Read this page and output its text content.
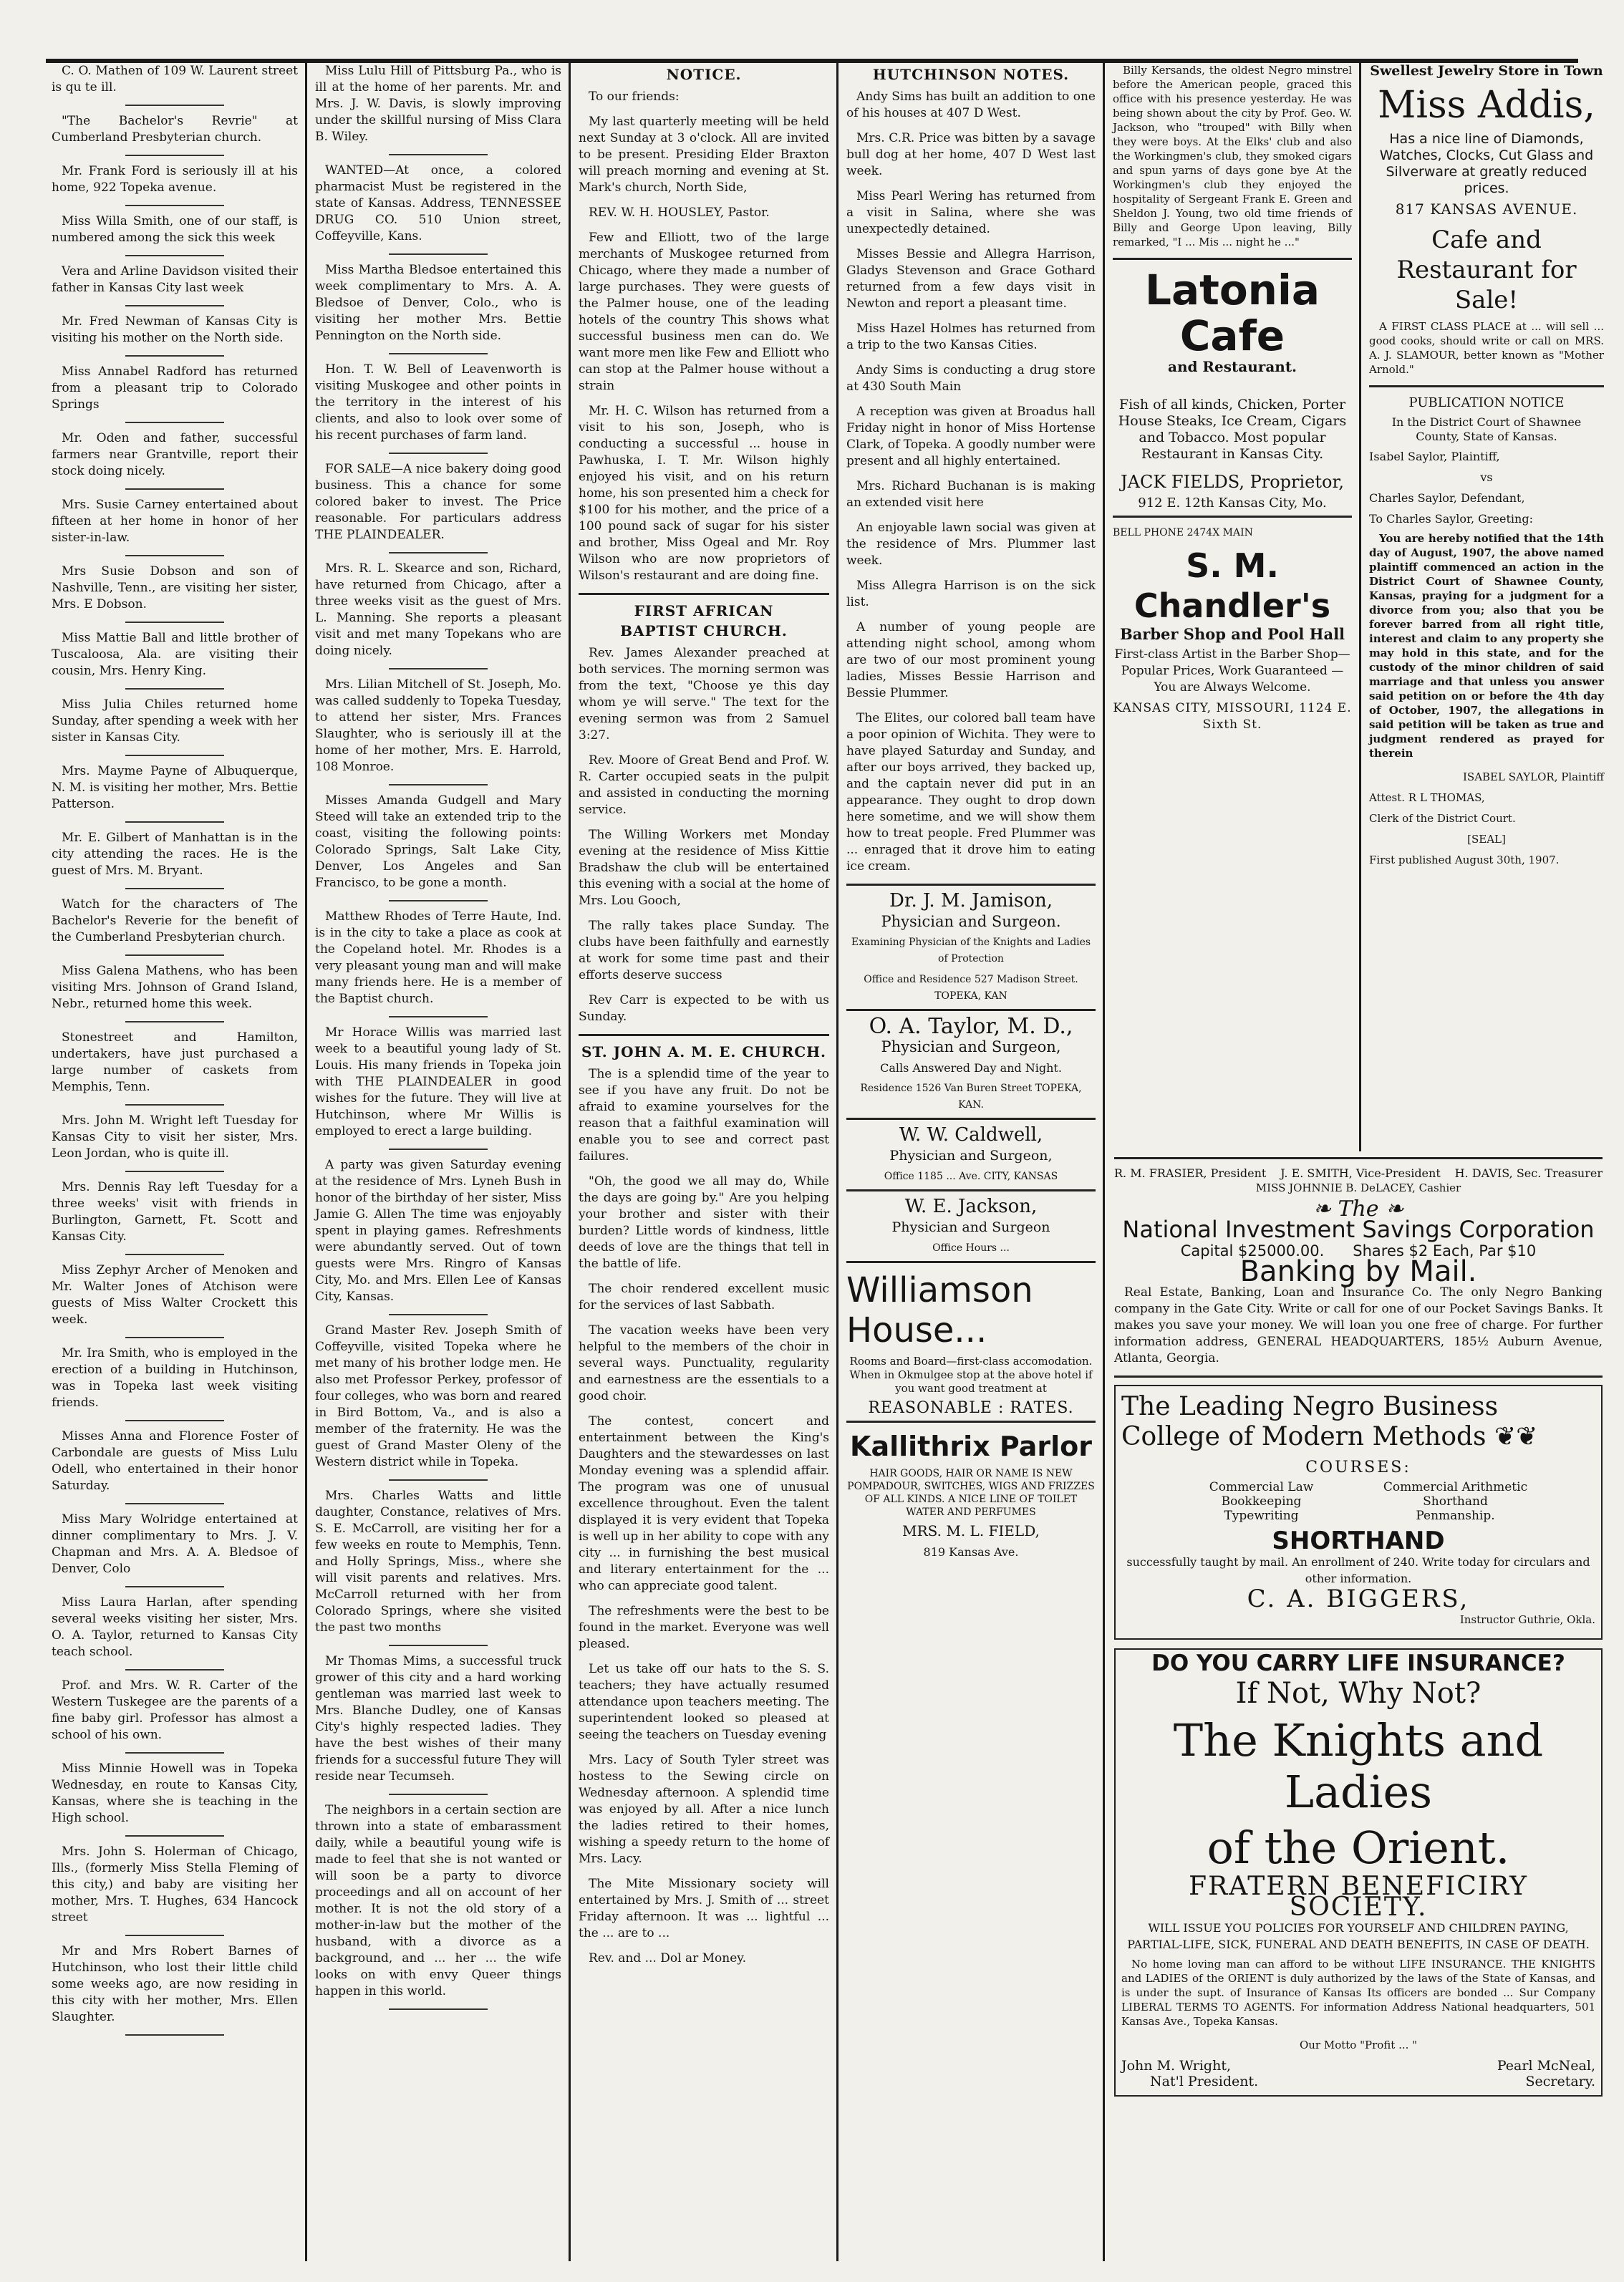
C. O. Mathen of 109 W. Laurent street is qu te ill.

"The Bachelor's Revrie" at Cumberland Presbyterian church.

Mr. Frank Ford is seriously ill at his home, 922 Topeka avenue.

Miss Willa Smith, one of our staff, is numbered among the sick this week

Vera and Arline Davidson visited their father in Kansas City last week

Mr. Fred Newman of Kansas City is visiting his mother on the North side.

Miss Annabel Radford has returned from a pleasant trip to Colorado Springs

Mr. Oden and father, successful farmers near Grantville, report their stock doing nicely.

Mrs. Susie Carney entertained about fifteen at her home in honor of her sister-in-law.

Mrs Susie Dobson and son of Nashville, Tenn., are visiting her sister, Mrs. E Dobson.

Miss Mattie Ball and little brother of Tuscaloosa, Ala. are visiting their cousin, Mrs. Henry King.

Miss Julia Chiles returned home Sunday, after spending a week with her sister in Kansas City.

Mrs. Mayme Payne of Albuquerque, N. M. is visiting her mother, Mrs. Bettie Patterson.

Mr. E. Gilbert of Manhattan is in the city attending the races. He is the guest of Mrs. M. Bryant.

Watch for the characters of The Bachelor's Reverie for the benefit of the Cumberland Presbyterian church.

Miss Galena Mathens, who has been visiting Mrs. Johnson of Grand Island, Nebr., returned home this week.

Stonestreet and Hamilton, undertakers, have just purchased a large number of caskets from Memphis, Tenn.

Mrs. John M. Wright left Tuesday for Kansas City to visit her sister, Mrs. Leon Jordan, who is quite ill.

Mrs. Dennis Ray left Tuesday for a three weeks' visit with friends in Burlington, Garnett, Ft. Scott and Kansas City.

Miss Zephyr Archer of Menoken and Mr. Walter Jones of Atchison were guests of Miss Walter Crockett this week.

Mr. Ira Smith, who is employed in the erection of a building in Hutchinson, was in Topeka last week visiting friends.

Misses Anna and Florence Foster of Carbondale are guests of Miss Lulu Odell, who entertained in their honor Saturday.

Miss Mary Wolridge entertained at dinner complimentary to Mrs. J. V. Chapman and Mrs. A. A. Bledsoe of Denver, Colo

Miss Laura Harlan, after spending several weeks visiting her sister, Mrs. O. A. Taylor, returned to Kansas City teach school.

Prof. and Mrs. W. R. Carter of the Western Tuskegee are the parents of a fine baby girl. Professor has almost a school of his own.

Miss Minnie Howell was in Topeka Wednesday, en route to Kansas City, Kansas, where she is teaching in the High school.

Mrs. John S. Holerman of Chicago, Ills., (formerly Miss Stella Fleming of this city,) and baby are visiting her mother, Mrs. T. Hughes, 634 Hancock street

Mr and Mrs Robert Barnes of Hutchinson, who lost their little child some weeks ago, are now residing in this city with her mother, Mrs. Ellen Slaughter.

Miss Lulu Hill of Pittsburg Pa., who is ill at the home of her parents. Mr. and Mrs. J. W. Davis, is slowly improving under the skillful nursing of Miss Clara B. Wiley.

WANTED—At once, a colored pharmacist Must be registered in the state of Kansas. Address, TENNESSEE DRUG CO. 510 Union street, Coffeyville, Kans.

Miss Martha Bledsoe entertained this week complimentary to Mrs. A. A. Bledsoe of Denver, Colo., who is visiting her mother Mrs. Bettie Pennington on the North side.

Hon. T. W. Bell of Leavenworth is visiting Muskogee and other points in the territory in the interest of his clients, and also to look over some of his recent purchases of farm land.

FOR SALE—A nice bakery doing good business. This a chance for some colored baker to invest. The Price reasonable. For particulars address THE PLAINDEALER.

Mrs. R. L. Skearce and son, Richard, have returned from Chicago, after a three weeks visit as the guest of Mrs. L. Manning. She reports a pleasant visit and met many Topekans who are doing nicely.

Mrs. Lilian Mitchell of St. Joseph, Mo. was called suddenly to Topeka Tuesday, to attend her sister, Mrs. Frances Slaughter, who is seriously ill at the home of her mother, Mrs. E. Harrold, 108 Monroe.

Misses Amanda Gudgell and Mary Steed will take an extended trip to the coast, visiting the following points: Colorado Springs, Salt Lake City, Denver, Los Angeles and San Francisco, to be gone a month.

Matthew Rhodes of Terre Haute, Ind. is in the city to take a place as cook at the Copeland hotel. Mr. Rhodes is a very pleasant young man and will make many friends here. He is a member of the Baptist church.

Mr Horace Willis was married last week to a beautiful young lady of St. Louis. His many friends in Topeka join with THE PLAINDEALER in good wishes for the future. They will live at Hutchinson, where Mr Willis is employed to erect a large building.

A party was given Saturday evening at the residence of Mrs. Lyneh Bush in honor of the birthday of her sister, Miss Jamie G. Allen The time was enjoyably spent in playing games. Refreshments were abundantly served. Out of town guests were Mrs. Ringro of Kansas City, Mo. and Mrs. Ellen Lee of Kansas City, Kansas.

Grand Master Rev. Joseph Smith of Coffeyville, visited Topeka where he met many of his brother lodge men. He also met Professor Perkey, professor of four colleges, who was born and reared in Bird Bottom, Va., and is also a member of the fraternity. He was the guest of Grand Master Oleny of the Western district while in Topeka.

Mrs. Charles Watts and little daughter, Constance, relatives of Mrs. S. E. McCarroll, are visiting her for a few weeks en route to Memphis, Tenn. and Holly Springs, Miss., where she will visit parents and relatives. Mrs. McCarroll returned with her from Colorado Springs, where she visited the past two months

Mr Thomas Mims, a successful truck grower of this city and a hard working gentleman was married last week to Mrs. Blanche Dudley, one of Kansas City's highly respected ladies. They have the best wishes of their many friends for a successful future They will reside near Tecumseh.

The neighbors in a certain section are thrown into a state of embarassment daily, while a beautiful young wife is made to feel that she is not wanted or will soon be a party to divorce proceedings and all on account of her mother. It is not the old story of a mother-in-law but the mother of the husband, with a divorce as a background, and ... her ... the wife looks on with envy Queer things happen in this world.

NOTICE.

To our friends:

My last quarterly meeting will be held next Sunday at 3 o'clock. All are invited to be present. Presiding Elder Braxton will preach morning and evening at St. Mark's church, North Side,

REV. W. H. HOUSLEY, Pastor.

Few and Elliott, two of the large merchants of Muskogee returned from Chicago, where they made a number of large purchases. They were guests of the Palmer house, one of the leading hotels of the country This shows what successful business men can do. We want more men like Few and Elliott who can stop at the Palmer house without a strain

Mr. H. C. Wilson has returned from a visit to his son, Joseph, who is conducting a successful ... house in Pawhuska, I. T. Mr. Wilson highly enjoyed his visit, and on his return home, his son presented him a check for $100 for his mother, and the price of a 100 pound sack of sugar for his sister and brother, Miss Ogeal and Mr. Roy Wilson who are now proprietors of Wilson's restaurant and are doing fine.

FIRST AFRICAN
BAPTIST CHURCH.

Rev. James Alexander preached at both services. The morning sermon was from the text, "Choose ye this day whom ye will serve." The text for the evening sermon was from 2 Samuel 3:27.

Rev. Moore of Great Bend and Prof. W. R. Carter occupied seats in the pulpit and assisted in conducting the morning service.

The Willing Workers met Monday evening at the residence of Miss Kittie Bradshaw the club will be entertained this evening with a social at the home of Mrs. Lou Gooch,

The rally takes place Sunday. The clubs have been faithfully and earnestly at work for some time past and their efforts deserve success

Rev Carr is expected to be with us Sunday.

ST. JOHN A. M. E. CHURCH.

The is a splendid time of the year to see if you have any fruit. Do not be afraid to examine yourselves for the reason that a faithful examination will enable you to see and correct past failures.

"Oh, the good we all may do, While the days are going by." Are you helping your brother and sister with their burden? Little words of kindness, little deeds of love are the things that tell in the battle of life.

The choir rendered excellent music for the services of last Sabbath.

The vacation weeks have been very helpful to the members of the choir in several ways. Punctuality, regularity and earnestness are the essentials to a good choir.

The contest, concert and entertainment between the King's Daughters and the stewardesses on last Monday evening was a splendid affair. The program was one of unusual excellence throughout. Even the talent displayed it is very evident that Topeka is well up in her ability to cope with any city ... in furnishing the best musical and literary entertainment for the ... who can appreciate good talent.

The refreshments were the best to be found in the market. Everyone was well pleased.

Let us take off our hats to the S. S. teachers; they have actually resumed attendance upon teachers meeting. The superintendent looked so pleased at seeing the teachers on Tuesday evening

Mrs. Lacy of South Tyler street was hostess to the Sewing circle on Wednesday afternoon. A splendid time was enjoyed by all. After a nice lunch the ladies retired to their homes, wishing a speedy return to the home of Mrs. Lacy.

The Mite Missionary society will entertained by Mrs. J. Smith of ... street Friday afternoon. It was ... lightful ... the ... are to ...

Rev. and ... Dol ar Money.

HUTCHINSON NOTES.

Andy Sims has built an addition to one of his houses at 407 D West.

Mrs. C.R. Price was bitten by a savage bull dog at her home, 407 D West last week.

Miss Pearl Wering has returned from a visit in Salina, where she was unexpectedly detained.

Misses Bessie and Allegra Harrison, Gladys Stevenson and Grace Gothard returned from a few days visit in Newton and report a pleasant time.

Miss Hazel Holmes has returned from a trip to the two Kansas Cities.

Andy Sims is conducting a drug store at 430 South Main

A reception was given at Broadus hall Friday night in honor of Miss Hortense Clark, of Topeka. A goodly number were present and all highly entertained.

Mrs. Richard Buchanan is is making an extended visit here

An enjoyable lawn social was given at the residence of Mrs. Plummer last week.

Miss Allegra Harrison is on the sick list.

A number of young people are attending night school, among whom are two of our most prominent young ladies, Misses Bessie Harrison and Bessie Plummer.

The Elites, our colored ball team have a poor opinion of Wichita. They were to have played Saturday and Sunday, and after our boys arrived, they backed up, and the captain never did put in an appearance. They ought to drop down here sometime, and we will show them how to treat people. Fred Plummer was ... enraged that it drove him to eating ice cream.

Dr. J. M. Jamison,
Physician and Surgeon.
Examining Physician of the Knights and Ladies of Protection
Office and Residence 527 Madison Street. TOPEKA, KAN
O. A. Taylor, M. D.,
Physician and Surgeon,
Calls Answered Day and Night.
Residence 1526 Van Buren Street TOPEKA, KAN.
W. W. Caldwell,
Physician and Surgeon,
Office 1185 ... Ave. CITY, KANSAS
W. E. Jackson,
Physician and Surgeon
Office Hours ...
Williamson House...
Rooms and Board—first-class accomodation. When in Okmulgee stop at the above hotel if you want good treatment at
REASONABLE : RATES.
Kallithrix Parlor
HAIR GOODS, HAIR OR NAME IS NEW POMPADOUR, SWITCHES, WIGS AND FRIZZES OF ALL KINDS. A NICE LINE OF TOILET WATER AND PERFUMES
MRS. M. L. FIELD,
819 Kansas Ave.

Billy Kersands, the oldest Negro minstrel before the American people, graced this office with his presence yesterday. He was being shown about the city by Prof. Geo. W. Jackson, who "trouped" with Billy when they were boys. At the Elks' club and also the Workingmen's club, they smoked cigars and spun yarns of days gone bye At the Workingmen's club they enjoyed the hospitality of Sergeant Frank E. Green and Sheldon J. Young, two old time friends of Billy and George Upon leaving, Billy remarked, "I ... Mis ... night he ..."

Latonia Cafe
and Restaurant.
Fish of all kinds, Chicken, Porter House Steaks, Ice Cream, Cigars and Tobacco. Most popular Restaurant in Kansas City.
JACK FIELDS, Proprietor,
912 E. 12th Kansas City, Mo.
BELL PHONE 2474X MAIN
S. M. Chandler's
Barber Shop and Pool Hall
First-class Artist in the Barber Shop—Popular Prices, Work Guaranteed — You are Always Welcome.
KANSAS CITY, MISSOURI, 1124 E. Sixth St.
Swellest Jewelry Store in Town
Miss Addis,
Has a nice line of Diamonds, Watches, Clocks, Cut Glass and Silverware at greatly reduced prices.
817 KANSAS AVENUE.
Cafe and Restaurant for Sale!

A FIRST CLASS PLACE at ... will sell ... good cooks, should write or call on MRS. A. J. SLAMOUR, better known as "Mother Arnold."

PUBLICATION NOTICE
In the District Court of Shawnee County, State of Kansas.
Isabel Saylor, Plaintiff,
vs
Charles Saylor, Defendant,
To Charles Saylor, Greeting:

You are hereby notified that the 14th day of August, 1907, the above named plaintiff commenced an action in the District Court of Shawnee County, Kansas, praying for a judgment for a divorce from you; also that you be forever barred from all right title, interest and claim to any property she may hold in this state, and for the custody of the minor children of said marriage and that unless you answer said petition on or before the 4th day of October, 1907, the allegations in said petition will be taken as true and judgment rendered as prayed for therein

ISABEL SAYLOR, Plaintiff
Attest. R L THOMAS,
Clerk of the District Court.
[SEAL]
First published August 30th, 1907.
R. M. FRASIER, President J. E. SMITH, Vice-President H. DAVIS, Sec. Treasurer
MISS JOHNNIE B. DeLACEY, Cashier
❧ The ❧
National Investment Savings Corporation
Capital $25000.00. Shares $2 Each, Par $10
Banking by Mail.

Real Estate, Banking, Loan and Insurance Co. The only Negro Banking company in the Gate City. Write or call for one of our Pocket Savings Banks. It makes you save your money. We will loan you one free of charge. For further information address, GENERAL HEADQUARTERS, 185½ Auburn Avenue, Atlanta, Georgia.

The Leading Negro Business
College of Modern Methods ❦❦
COURSES:
Commercial Law	Commercial Arithmetic
Bookkeeping	Shorthand
Typewriting	Penmanship.
SHORTHAND
successfully taught by mail. An enrollment of 240. Write today for circulars and other information.
C. A. BIGGERS,
Instructor Guthrie, Okla.
DO YOU CARRY LIFE INSURANCE?
If Not, Why Not?
The Knights and Ladies
of the Orient.
FRATERN BENEFICIRY
SOCIETY.
WILL ISSUE YOU POLICIES FOR YOURSELF AND CHILDREN PAYING, PARTIAL-LIFE, SICK, FUNERAL AND DEATH BENEFITS, IN CASE OF DEATH.

No home loving man can afford to be without LIFE INSURANCE. THE KNIGHTS and LADIES of the ORIENT is duly authorized by the laws of the State of Kansas, and is under the supt. of Insurance of Kansas Its officers are bonded ... Sur Company LIBERAL TERMS TO AGENTS. For information Address National headquarters, 501 Kansas Ave., Topeka Kansas.

Our Motto "Profit ... "
John M. Wright,
Nat'l President.
Pearl McNeal,
Secretary.
